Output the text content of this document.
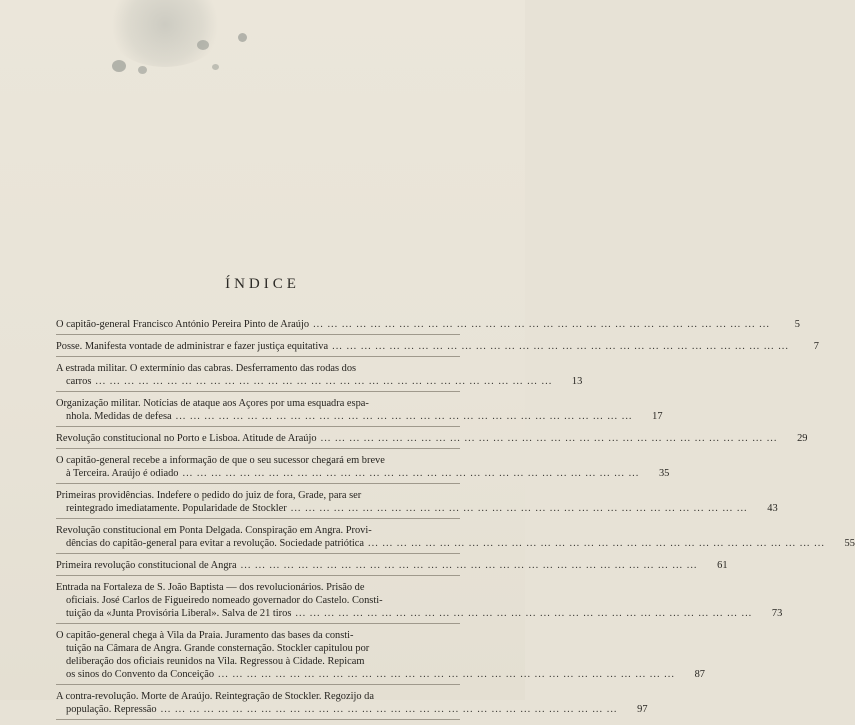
ÍNDICE
O capitão-general Francisco António Pereira Pinto de Araújo ... .	5
Posse. Manifesta vontade de administrar e fazer justiça equitativa ... .	7
A estrada militar. O extermínio das cabras. Desferramento das rodas dos
carros ... .	13
Organização militar. Notícias de ataque aos Açores por uma esquadra espa-
nhola. Medidas de defesa ... .	17
Revolução constitucional no Porto e Lisboa. Atitude de Araújo ... .	29
O capitão-general recebe a informação de que o seu sucessor chegará em breve
à Terceira. Araújo é odiado ... .	35
Primeiras providências. Indefere o pedido do juiz de fora, Grade, para ser
reintegrado imediatamente. Popularidade de Stockler ... .	43
Revolução constitucional em Ponta Delgada. Conspiração em Angra. Provi-
dências do capitão-general para evitar a revolução. Sociedade patriótica ... .	55
Primeira revolução constitucional de Angra ... .	61
Entrada na Fortaleza de S. João Baptista — dos revolucionários. Prisão de
oficiais. José Carlos de Figueiredo nomeado governador do Castelo. Consti-
tuição da «Junta Provisória Liberal». Salva de 21 tiros ... .	73
O capitão-general chega à Vila da Praia. Juramento das bases da consti-
tuição na Câmara de Angra. Grande consternação. Stockler capitulou por
deliberação dos oficiais reunidos na Vila. Regressou à Cidade. Repicam
os sinos do Convento da Conceição ... .	87
A contra-revolução. Morte de Araújo. Reintegração de Stockler. Regozijo da
população. Repressão ... .	97
